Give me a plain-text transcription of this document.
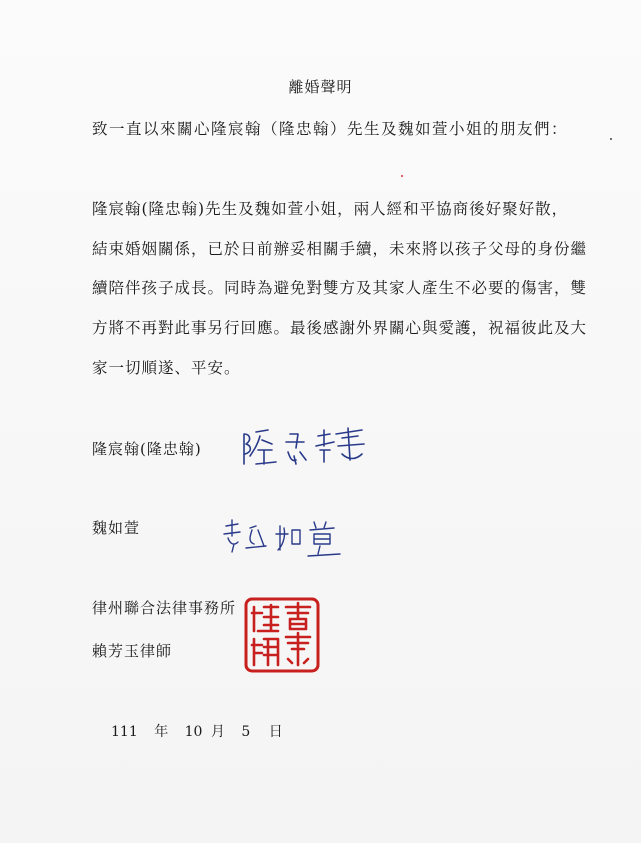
離婚聲明
致一直以來關心隆宸翰（隆忠翰）先生及魏如萱小姐的朋友們：
隆宸翰(隆忠翰)先生及魏如萱小姐，兩人經和平協商後好聚好散，
結束婚姻關係，已於日前辦妥相關手續，未來將以孩子父母的身份繼
續陪伴孩子成長。同時為避免對雙方及其家人產生不必要的傷害，雙
方將不再對此事另行回應。最後感謝外界關心與愛護，祝福彼此及大
家一切順遂、平安。
隆宸翰(隆忠翰)
魏如萱
律州聯合法律事務所
賴芳玉律師
111 年 10 月 5 日
